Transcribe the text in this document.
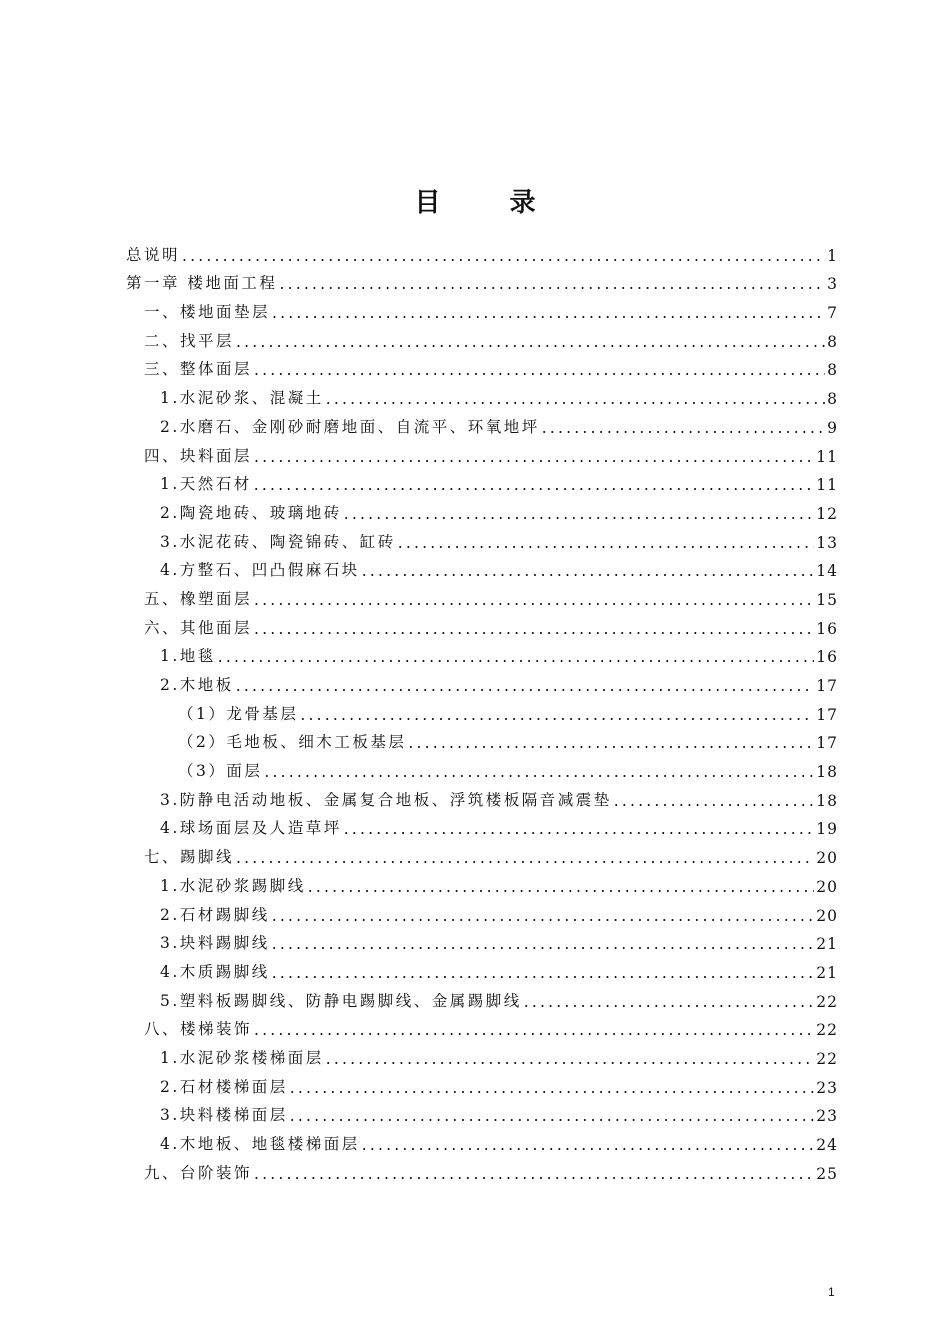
目 录
总说明 .....	1
第一章 楼地面工程 .....	3
一、楼地面垫层 .....	7
二、找平层 .....	8
三、整体面层 .....	8
1.水泥砂浆、混凝土 .....	8
2.水磨石、金刚砂耐磨地面、自流平、环氧地坪 .....	9
四、块料面层 .....	11
1.天然石材 .....	11
2.陶瓷地砖、玻璃地砖 .....	12
3.水泥花砖、陶瓷锦砖、缸砖 .....	13
4.方整石、凹凸假麻石块 .....	14
五、橡塑面层 .....	15
六、其他面层 .....	16
1.地毯 .....	16
2.木地板 .....	17
（1）龙骨基层 .....	17
（2）毛地板、细木工板基层 .....	17
（3）面层 .....	18
3.防静电活动地板、金属复合地板、浮筑楼板隔音减震垫 .....	18
4.球场面层及人造草坪 .....	19
七、踢脚线 .....	20
1.水泥砂浆踢脚线 .....	20
2.石材踢脚线 .....	20
3.块料踢脚线 .....	21
4.木质踢脚线 .....	21
5.塑料板踢脚线、防静电踢脚线、金属踢脚线 .....	22
八、楼梯装饰 .....	22
1.水泥砂浆楼梯面层 .....	22
2.石材楼梯面层 .....	23
3.块料楼梯面层 .....	23
4.木地板、地毯楼梯面层 .....	24
九、台阶装饰 .....	25
1
